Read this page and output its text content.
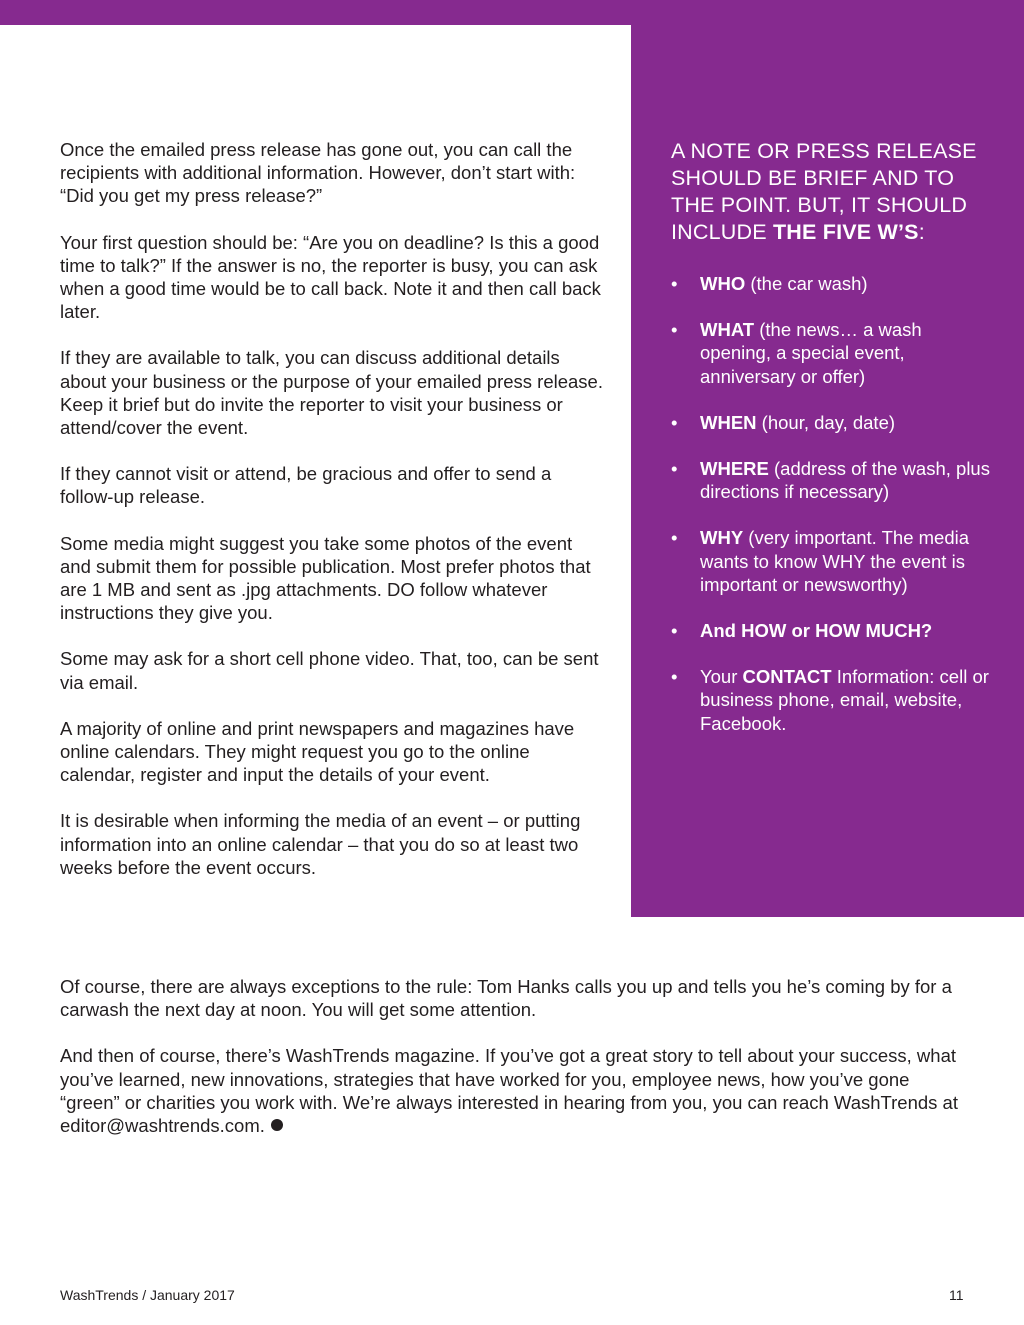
Once the emailed press release has gone out, you can call the recipients with additional information. However, don’t start with: “Did you get my press release?”

Your first question should be: “Are you on deadline? Is this a good time to talk?” If the answer is no, the reporter is busy, you can ask when a good time would be to call back. Note it and then call back later.

If they are available to talk, you can discuss additional details about your business or the purpose of your emailed press release. Keep it brief but do invite the reporter to visit your business or attend/cover the event.

If they cannot visit or attend, be gracious and offer to send a follow-up release.

Some media might suggest you take some photos of the event and submit them for possible publication. Most prefer photos that are 1 MB and sent as .jpg attachments. DO follow whatever instructions they give you.

Some may ask for a short cell phone video. That, too, can be sent via email.

A majority of online and print newspapers and magazines have online calendars. They might request you go to the online calendar, register and input the details of your event.

It is desirable when informing the media of an event – or putting information into an online calendar – that you do so at least two weeks before the event occurs.

A NOTE OR PRESS RELEASE SHOULD BE BRIEF AND TO THE POINT. BUT, IT SHOULD INCLUDE THE FIVE W’S:
• WHO (the car wash)
• WHAT (the news… a wash opening, a special event, anniversary or offer)
• WHEN (hour, day, date)
• WHERE (address of the wash, plus directions if necessary)
• WHY (very important. The media wants to know WHY the event is important or newsworthy)
• And HOW or HOW MUCH?
• Your CONTACT Information: cell or business phone, email, website, Facebook.

Of course, there are always exceptions to the rule: Tom Hanks calls you up and tells you he’s coming by for a carwash the next day at noon. You will get some attention.

And then of course, there’s WashTrends magazine. If you’ve got a great story to tell about your success, what you’ve learned, new innovations, strategies that have worked for you, employee news, how you’ve gone “green” or charities you work with. We’re always interested in hearing from you, you can reach WashTrends at editor@washtrends.com.

WashTrends / January 2017	11
